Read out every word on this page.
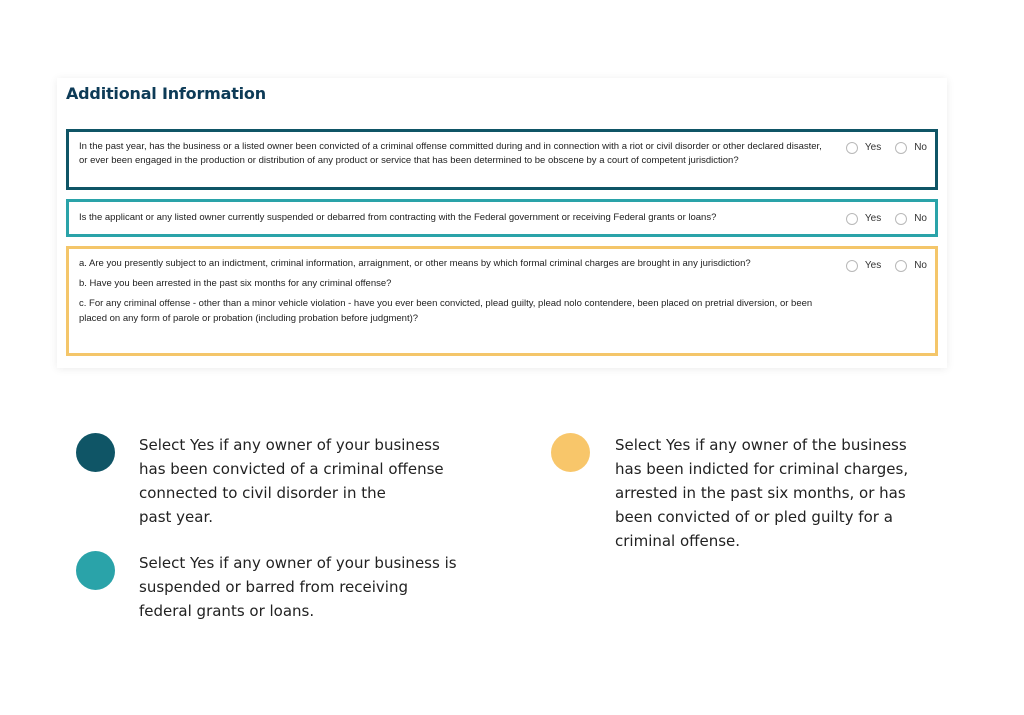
Additional Information
In the past year, has the business or a listed owner been convicted of a criminal offense committed during and in connection with a riot or civil disorder or other declared disaster, or ever been engaged in the production or distribution of any product or service that has been determined to be obscene by a court of competent jurisdiction?
Yes	No
Is the applicant or any listed owner currently suspended or debarred from contracting with the Federal government or receiving Federal grants or loans?	Yes	No

a. Are you presently subject to an indictment, criminal information, arraignment, or other means by which formal criminal charges are brought in any jurisdiction?

b. Have you been arrested in the past six months for any criminal offense?

c. For any criminal offense - other than a minor vehicle violation - have you ever been convicted, plead guilty, plead nolo contendere, been placed on pretrial diversion, or been placed on any form of parole or probation (including probation before judgment)?

Yes	No

Select Yes if any owner of your business
has been convicted of a criminal offense
connected to civil disorder in the
past year.

Select Yes if any owner of your business is
suspended or barred from receiving
federal grants or loans.

Select Yes if any owner of the business
has been indicted for criminal charges,
arrested in the past six months, or has
been convicted of or pled guilty for a
criminal offense.
